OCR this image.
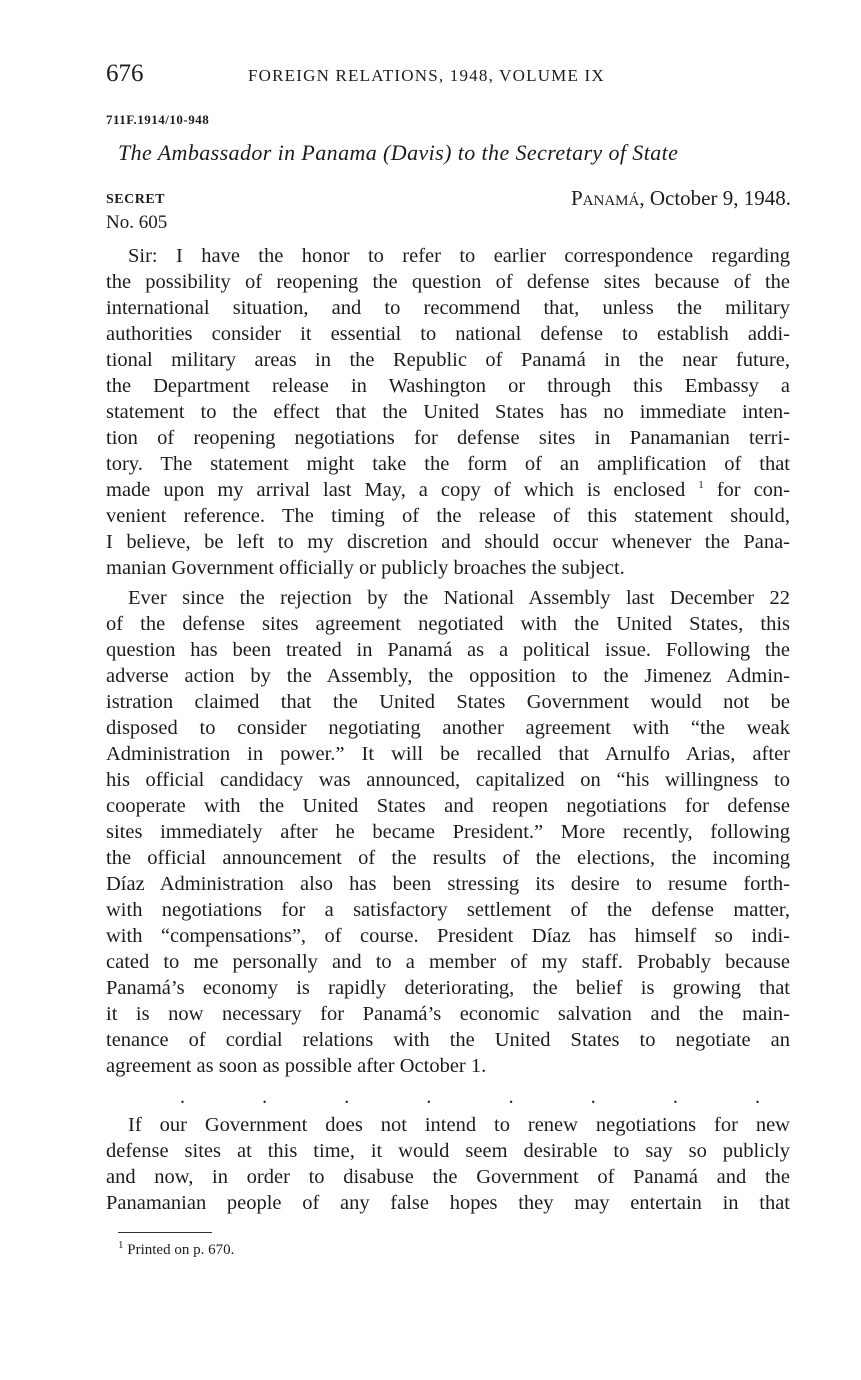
676	FOREIGN RELATIONS, 1948, VOLUME IX
711F.1914/10-948
The Ambassador in Panama (Davis) to the Secretary of State
SECRET	Panamá, October 9, 1948.
No. 605
Sir: I have the honor to refer to earlier correspondence regarding
the possibility of reopening the question of defense sites because of the
international situation, and to recommend that, unless the military
authorities consider it essential to national defense to establish addi-
tional military areas in the Republic of Panamá in the near future,
the Department release in Washington or through this Embassy a
statement to the effect that the United States has no immediate inten-
tion of reopening negotiations for defense sites in Panamanian terri-
tory. The statement might take the form of an amplification of that
made upon my arrival last May, a copy of which is enclosed $^1$ for con-
venient reference. The timing of the release of this statement should,
I believe, be left to my discretion and should occur whenever the Pana-
manian Government officially or publicly broaches the subject.
Ever since the rejection by the National Assembly last December 22
of the defense sites agreement negotiated with the United States, this
question has been treated in Panamá as a political issue. Following the
adverse action by the Assembly, the opposition to the Jimenez Admin-
istration claimed that the United States Government would not be
disposed to consider negotiating another agreement with “the weak
Administration in power.” It will be recalled that Arnulfo Arias, after
his official candidacy was announced, capitalized on “his willingness to
cooperate with the United States and reopen negotiations for defense
sites immediately after he became President.” More recently, following
the official announcement of the results of the elections, the incoming
Díaz Administration also has been stressing its desire to resume forth-
with negotiations for a satisfactory settlement of the defense matter,
with “compensations”, of course. President Díaz has himself so indi-
cated to me personally and to a member of my staff. Probably because
Panamá’s economy is rapidly deteriorating, the belief is growing that
it is now necessary for Panamá’s economic salvation and the main-
tenance of cordial relations with the United States to negotiate an
agreement as soon as possible after October 1.
.	.	.	.	.	.	.	.
If our Government does not intend to renew negotiations for new
defense sites at this time, it would seem desirable to say so publicly
and now, in order to disabuse the Government of Panamá and the
Panamanian people of any false hopes they may entertain in that
$^1$ Printed on p. 670.
